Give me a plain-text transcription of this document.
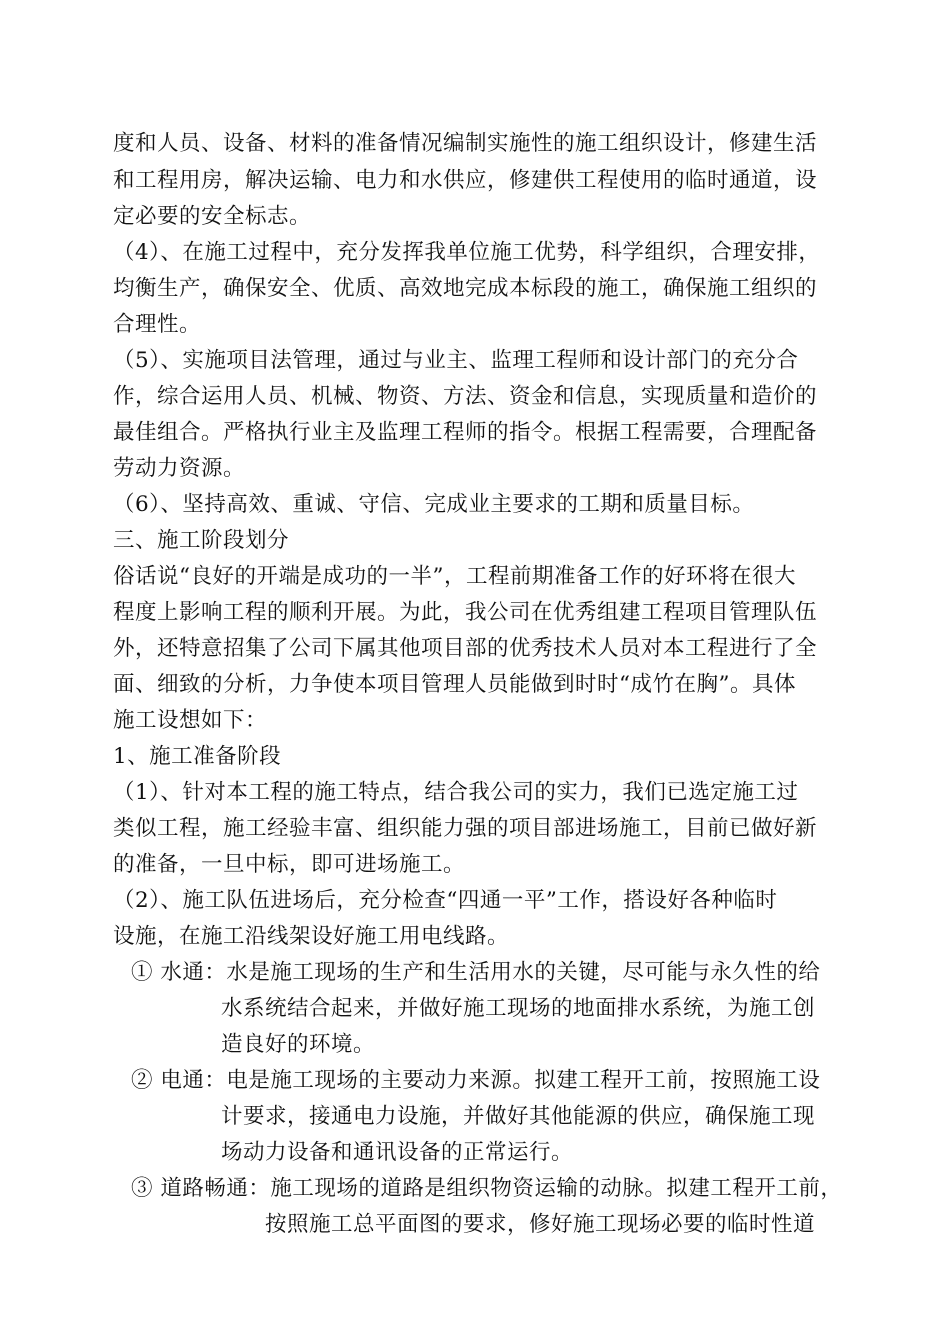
度和人员、设备、材料的准备情况编制实施性的施工组织设计，修建生活
和工程用房，解决运输、电力和水供应，修建供工程使用的临时通道，设
定必要的安全标志。
（4）、在施工过程中，充分发挥我单位施工优势，科学组织，合理安排，
均衡生产，确保安全、优质、高效地完成本标段的施工，确保施工组织的
合理性。
（5）、实施项目法管理，通过与业主、监理工程师和设计部门的充分合
作，综合运用人员、机械、物资、方法、资金和信息，实现质量和造价的
最佳组合。严格执行业主及监理工程师的指令。根据工程需要，合理配备
劳动力资源。
（6）、坚持高效、重诚、守信、完成业主要求的工期和质量目标。
三、施工阶段划分
俗话说“良好的开端是成功的一半”，工程前期准备工作的好环将在很大
程度上影响工程的顺利开展。为此，我公司在优秀组建工程项目管理队伍
外，还特意招集了公司下属其他项目部的优秀技术人员对本工程进行了全
面、细致的分析，力争使本项目管理人员能做到时时“成竹在胸”。具体
施工设想如下：
1、施工准备阶段
（1）、针对本工程的施工特点，结合我公司的实力，我们已选定施工过
类似工程，施工经验丰富、组织能力强的项目部进场施工，目前已做好新
的准备，一旦中标，即可进场施工。
（2）、施工队伍进场后，充分检查“四通一平”工作，搭设好各种临时
设施，在施工沿线架设好施工用电线路。
① 水通：水是施工现场的生产和生活用水的关键，尽可能与永久性的给
水系统结合起来，并做好施工现场的地面排水系统，为施工创
造良好的环境。
② 电通：电是施工现场的主要动力来源。拟建工程开工前，按照施工设
计要求，接通电力设施，并做好其他能源的供应，确保施工现
场动力设备和通讯设备的正常运行。
③ 道路畅通：施工现场的道路是组织物资运输的动脉。拟建工程开工前，
按照施工总平面图的要求，修好施工现场必要的临时性道
